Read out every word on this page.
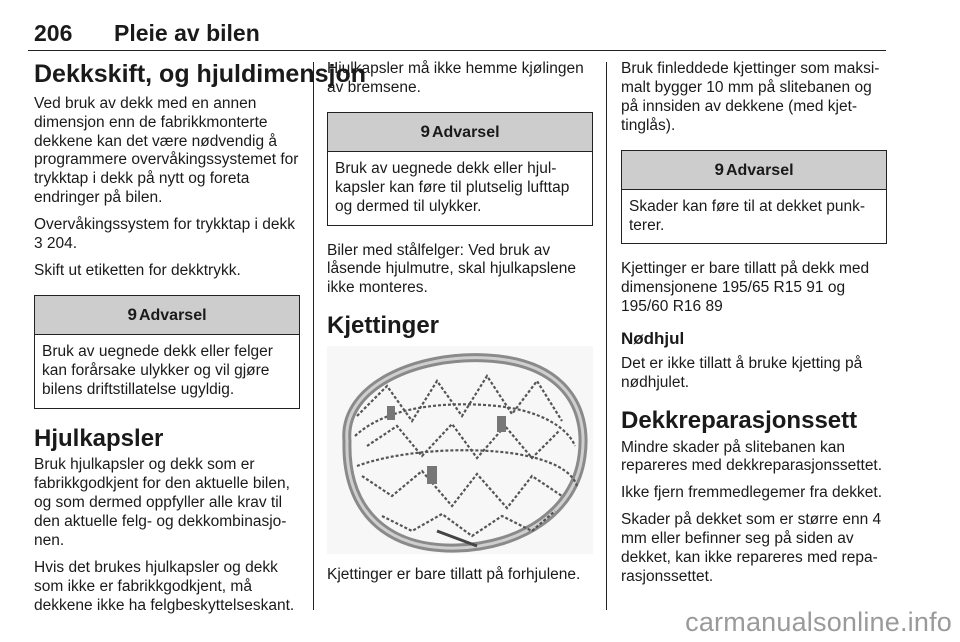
206 Pleie av bilen
Dekkskift, og hjuldimensjon

Ved bruk av dekk med en annen dimensjon enn de fabrikkmonterte dekkene kan det være nødvendig å programmere overvåkingssystemet for trykktap i dekk på nytt og foreta endringer på bilen.

Overvåkingssystem for trykktap i dekk 3 204.

Skift ut etiketten for dekktrykk.

9 Advarsel
Bruk av uegnede dekk eller felger kan forårsake ulykker og vil gjøre bilens driftstillatelse ugyldig.
Hjulkapsler

Bruk hjulkapsler og dekk som er fabrikkgodkjent for den aktuelle bilen, og som dermed oppfyller alle krav til den aktuelle felg- og dekkombinasjonen.

Hvis det brukes hjulkapsler og dekk som ikke er fabrikkgodkjent, må dekkene ikke ha felgbeskyttelseskant.

Hjulkapsler må ikke hemme kjølingen av bremsene.

9 Advarsel
Bruk av uegnede dekk eller hjulkapsler kan føre til plutselig lufttap og dermed til ulykker.

Biler med stålfelger: Ved bruk av låsende hjulmutre, skal hjulkapslene ikke monteres.

Kjettinger

Kjettinger er bare tillatt på forhjulene.

Bruk finleddede kjettinger som maksimalt bygger 10 mm på slitebanen og på innsiden av dekkene (med kjettinglås).

9 Advarsel
Skader kan føre til at dekket punkterer.

Kjettinger er bare tillatt på dekk med dimensjonene 195/65 R15 91 og 195/60 R16 89

Nødhjul

Det er ikke tillatt å bruke kjetting på nødhjulet.

Dekkreparasjonssett

Mindre skader på slitebanen kan repareres med dekkreparasjonssettet.

Ikke fjern fremmedlegemer fra dekket.

Skader på dekket som er større enn 4 mm eller befinner seg på siden av dekket, kan ikke repareres med reparasjonssettet.

carmanualsonline.info
